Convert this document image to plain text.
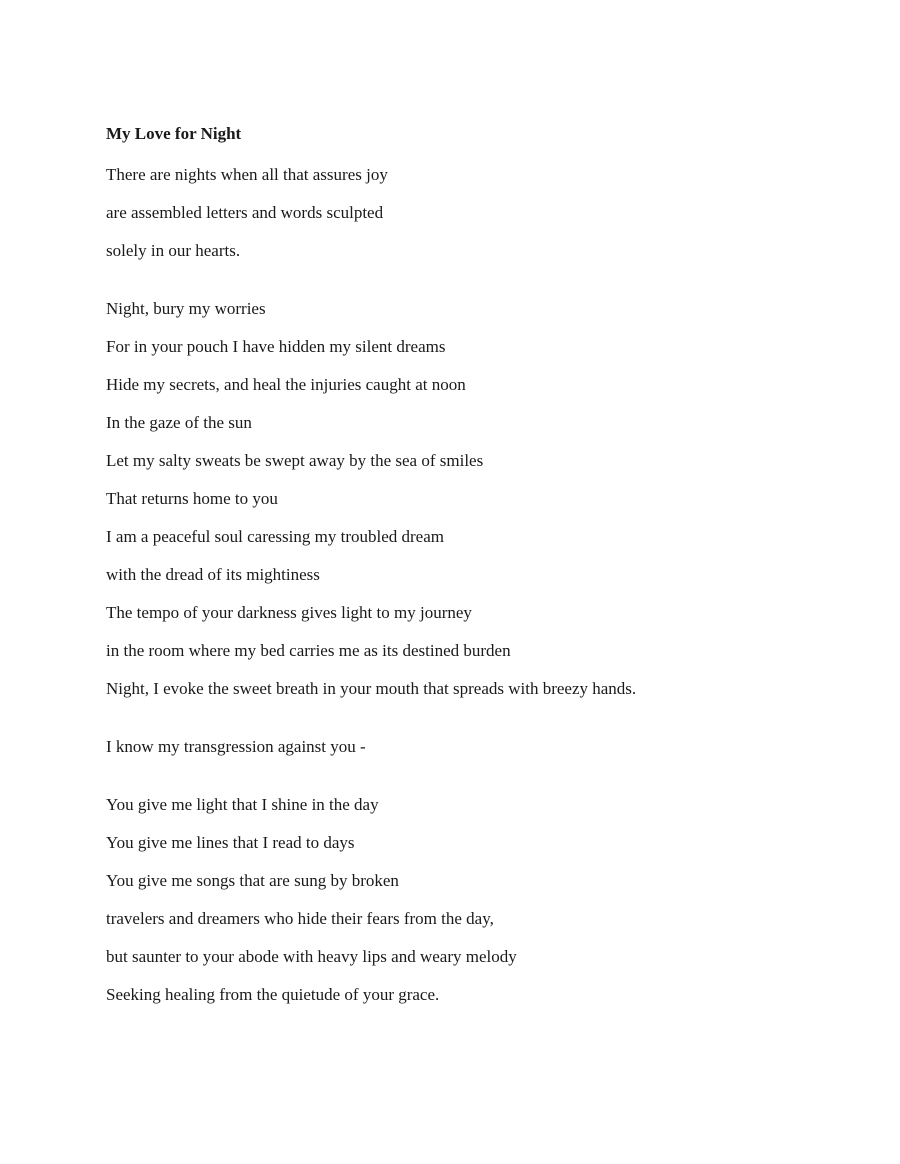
My Love for Night
There are nights when all that assures joy
are assembled letters and words sculpted
solely in our hearts.
Night, bury my worries
For in your pouch I have hidden my silent dreams
Hide my secrets, and heal the injuries caught at noon
In the gaze of the sun
Let my salty sweats be swept away by the sea of smiles
That returns home to you
I am a peaceful soul caressing my troubled dream
with the dread of its mightiness
The tempo of your darkness gives light to my journey
in the room where my bed carries me as its destined burden
Night, I evoke the sweet breath in your mouth that spreads with breezy hands.
I know my transgression against you -
You give me light that I shine in the day
You give me lines that I read to days
You give me songs that are sung by broken
travelers and dreamers who hide their fears from the day,
but saunter to your abode with heavy lips and weary melody
Seeking healing from the quietude of your grace.
